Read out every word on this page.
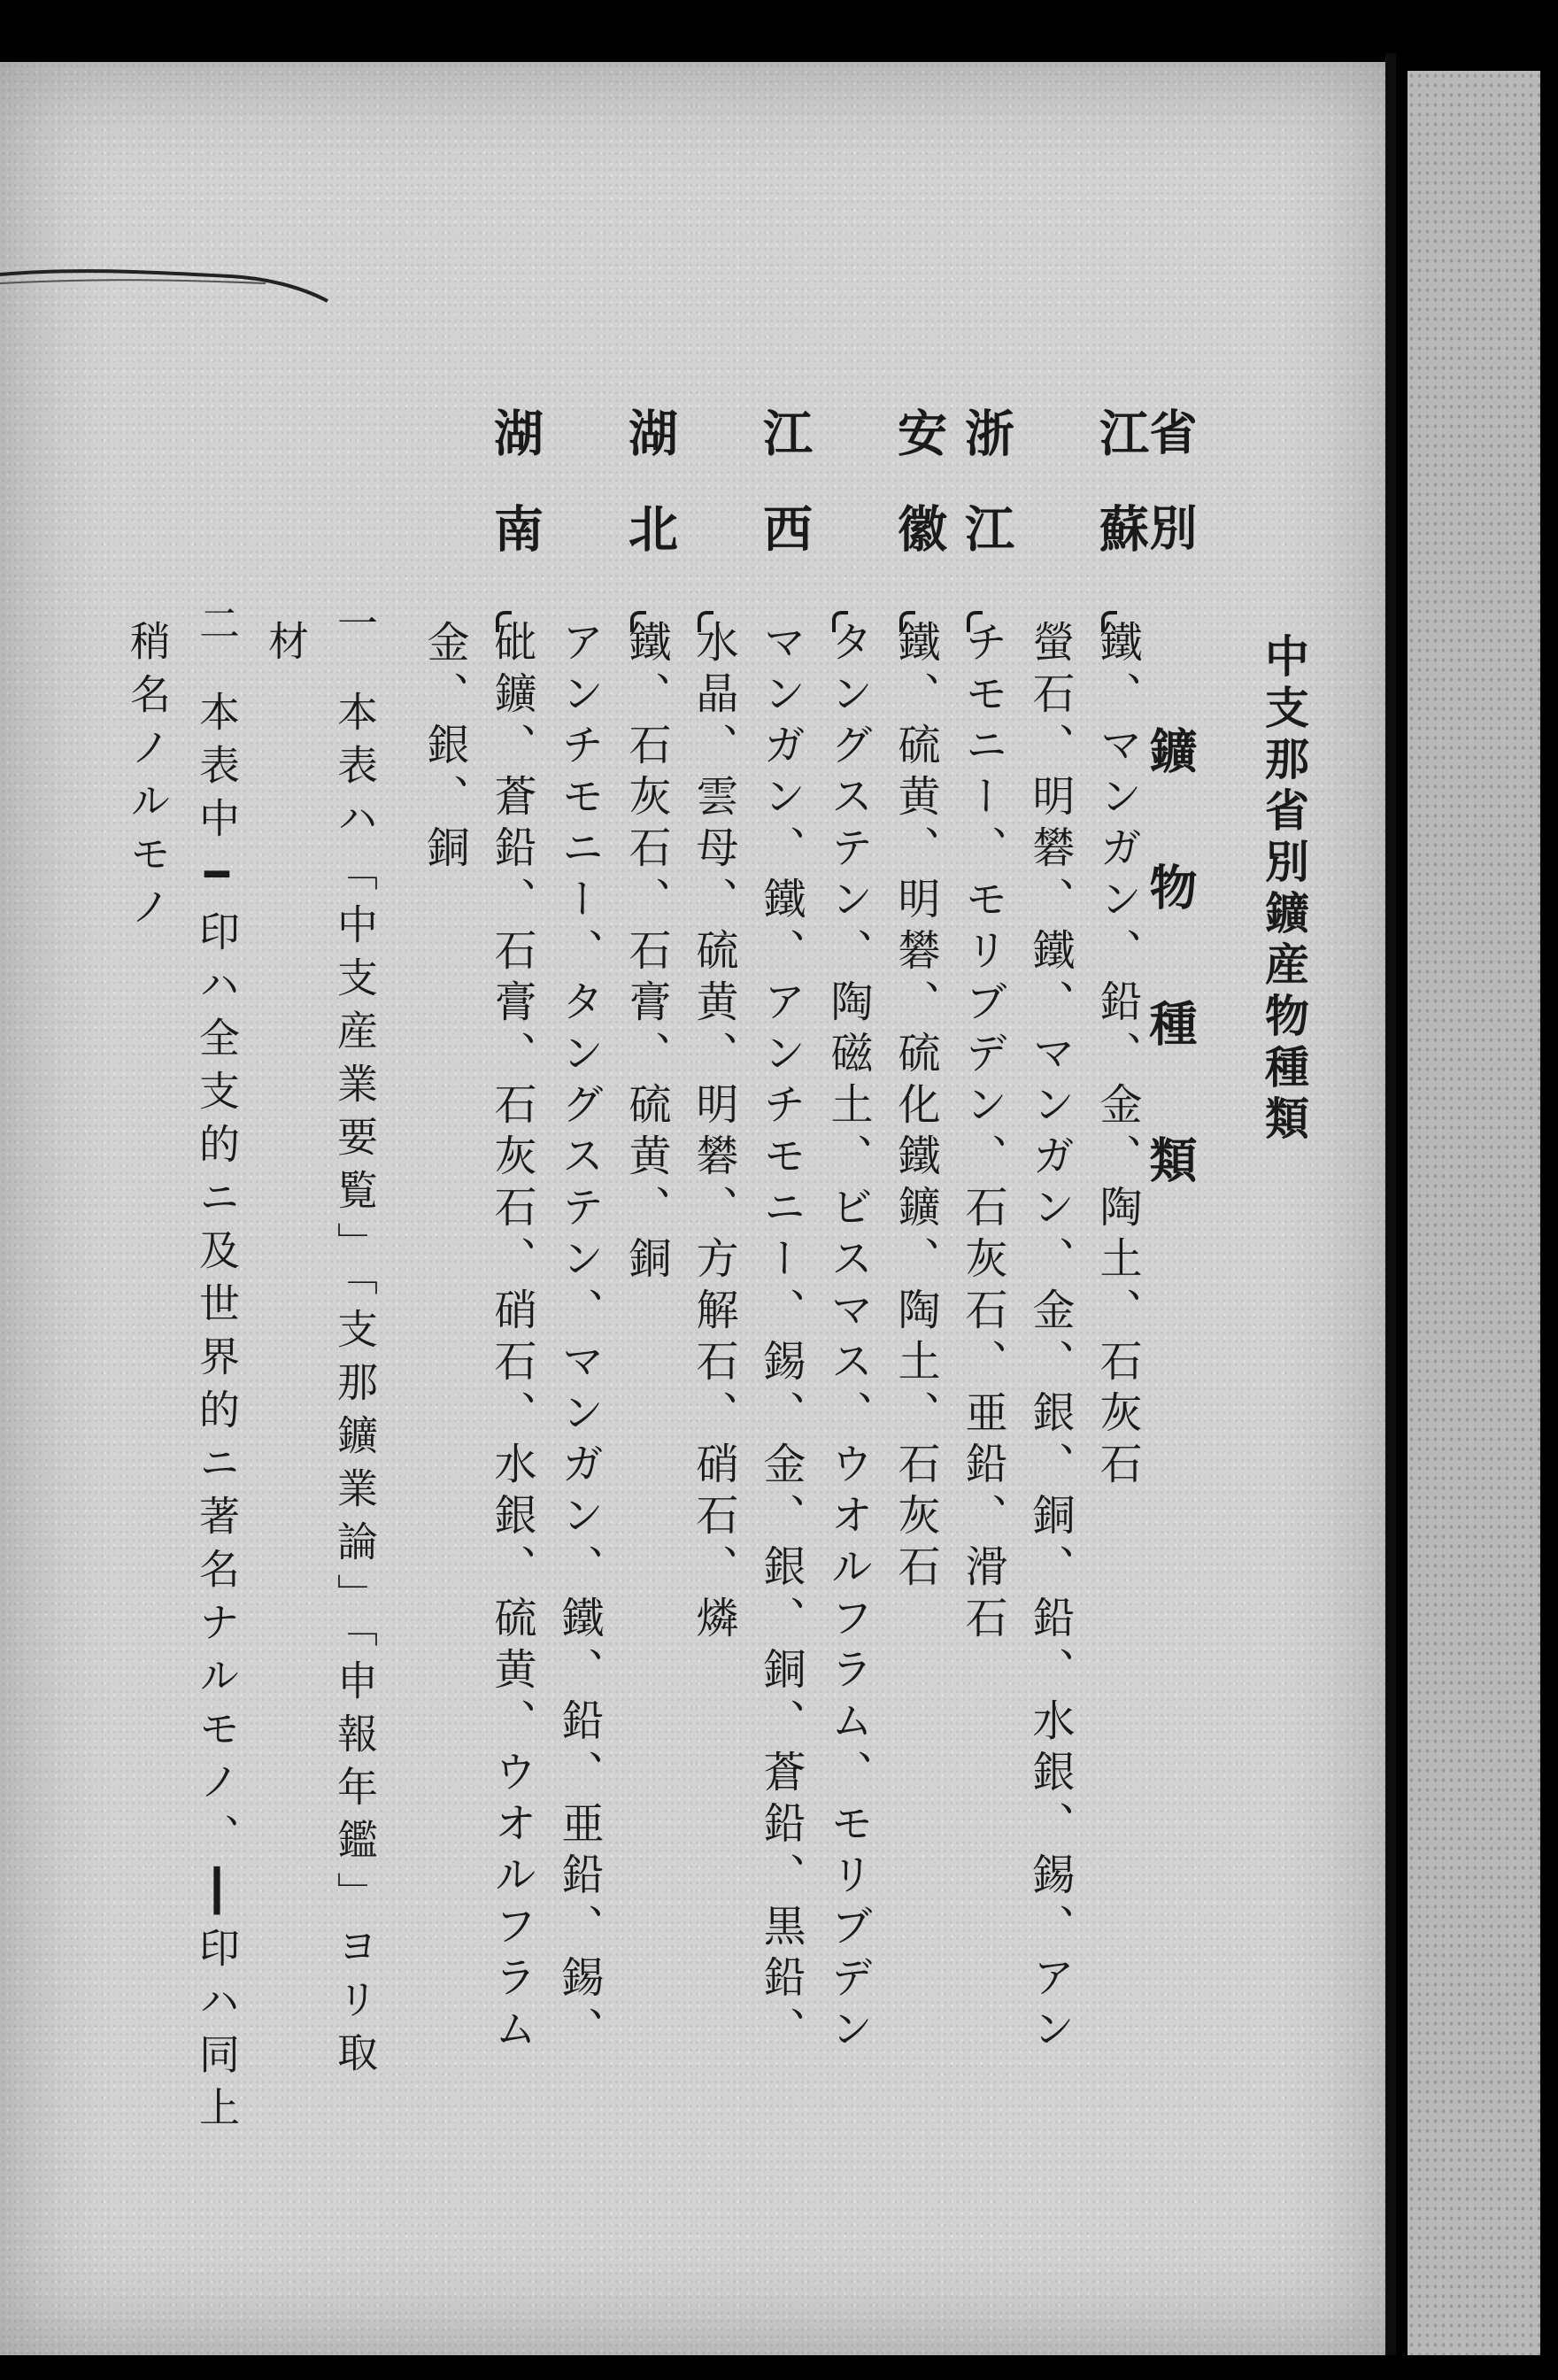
中支那省別鑛産物種類
省別
鑛物種類
江蘇
鐵、マンガン、鉛、金、陶土、石灰石
螢石、明礬、鐵、マンガン、金、銀、銅、鉛、水銀、錫、アン
浙江
チモニー、モリブデン、石灰石、亜鉛、滑石
安徽
鐵、硫黄、明礬、硫化鐵鑛、陶土、石灰石
タングステン、陶磁土、ビスマス、ウオルフラム、モリブデン
江西
マンガン、鐵、アンチモニー、錫、金、銀、銅、蒼鉛、黒鉛、
水晶、雲母、硫黄、明礬、方解石、硝石、燐
湖北
鐵、石灰石、石膏、硫黄、銅
アンチモニー、タングステン、マンガン、鐵、鉛、亜鉛、錫、
湖南
砒鑛、蒼鉛、石膏、石灰石、硝石、水銀、硫黄、ウオルフラム
金、銀、銅
一
本表ハ「中支産業要覧」「支那鑛業論」「申報年鑑」ヨリ取
材
二
本表中━印ハ全支的ニ及世界的ニ著名ナルモノ、┃印ハ同上
稍名ノルモノ
